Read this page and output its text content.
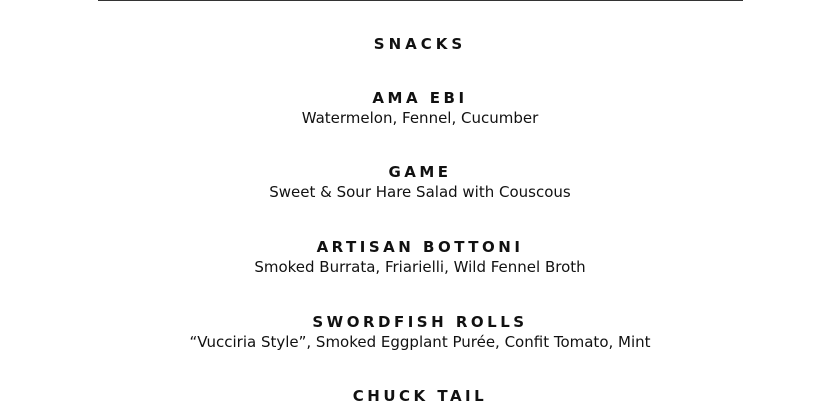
SNACKS
AMA EBI
Watermelon, Fennel, Cucumber
GAME
Sweet & Sour Hare Salad with Couscous
ARTISAN BOTTONI
Smoked Burrata, Friarielli, Wild Fennel Broth
SWORDFISH ROLLS
“Vucciria Style”, Smoked Eggplant Purée, Confit Tomato, Mint
CHUCK TAIL
